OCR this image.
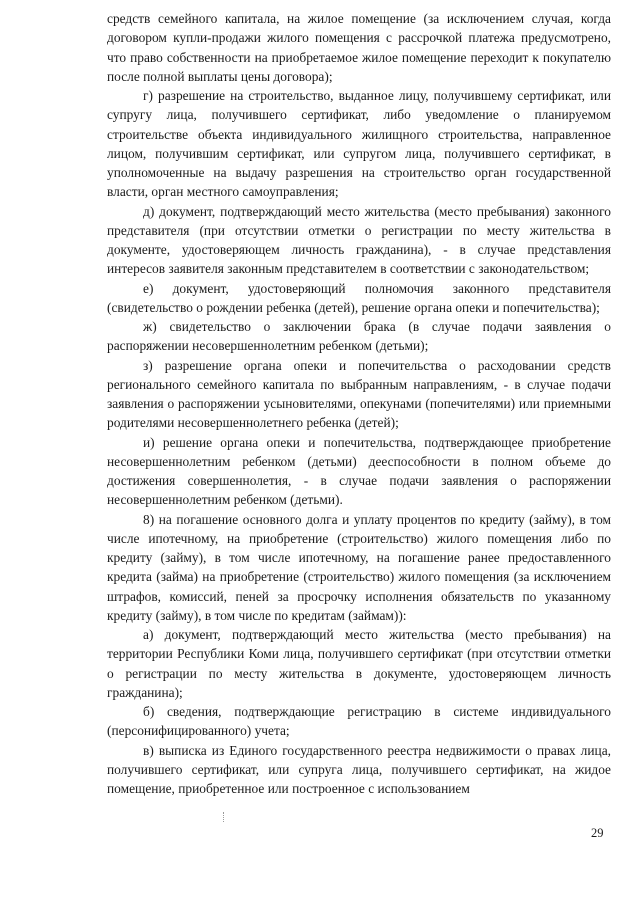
средств семейного капитала, на жилое помещение (за исключением случая, когда договором купли-продажи жилого помещения с рассрочкой платежа предусмотрено, что право собственности на приобретаемое жилое помещение переходит к покупателю после полной выплаты цены договора);

г) разрешение на строительство, выданное лицу, получившему сертификат, или супругу лица, получившего сертификат, либо уведомление о планируемом строительстве объекта индивидуального жилищного строительства, направленное лицом, получившим сертификат, или супругом лица, получившего сертификат, в уполномоченные на выдачу разрешения на строительство орган государственной власти, орган местного самоуправления;

д) документ, подтверждающий место жительства (место пребывания) законного представителя (при отсутствии отметки о регистрации по месту жительства в документе, удостоверяющем личность гражданина), - в случае представления интересов заявителя законным представителем в соответствии с законодательством;

е) документ, удостоверяющий полномочия законного представителя (свидетельство о рождении ребенка (детей), решение органа опеки и попечительства);

ж) свидетельство о заключении брака (в случае подачи заявления о распоряжении несовершеннолетним ребенком (детьми);

з) разрешение органа опеки и попечительства о расходовании средств регионального семейного капитала по выбранным направлениям, - в случае подачи заявления о распоряжении усыновителями, опекунами (попечителями) или приемными родителями несовершеннолетнего ребенка (детей);

и) решение органа опеки и попечительства, подтверждающее приобретение несовершеннолетним ребенком (детьми) дееспособности в полном объеме до достижения совершеннолетия, - в случае подачи заявления о распоряжении несовершеннолетним ребенком (детьми).

8) на погашение основного долга и уплату процентов по кредиту (займу), в том числе ипотечному, на приобретение (строительство) жилого помещения либо по кредиту (займу), в том числе ипотечному, на погашение ранее предоставленного кредита (займа) на приобретение (строительство) жилого помещения (за исключением штрафов, комиссий, пеней за просрочку исполнения обязательств по указанному кредиту (займу), в том числе по кредитам (займам)):

а) документ, подтверждающий место жительства (место пребывания) на территории Республики Коми лица, получившего сертификат (при отсутствии отметки о регистрации по месту жительства в документе, удостоверяющем личность гражданина);

б) сведения, подтверждающие регистрацию в системе индивидуального (персонифицированного) учета;

в) выписка из Единого государственного реестра недвижимости о правах лица, получившего сертификат, или супруга лица, получившего сертификат, на жидое помещение, приобретенное или построенное с использованием

29
